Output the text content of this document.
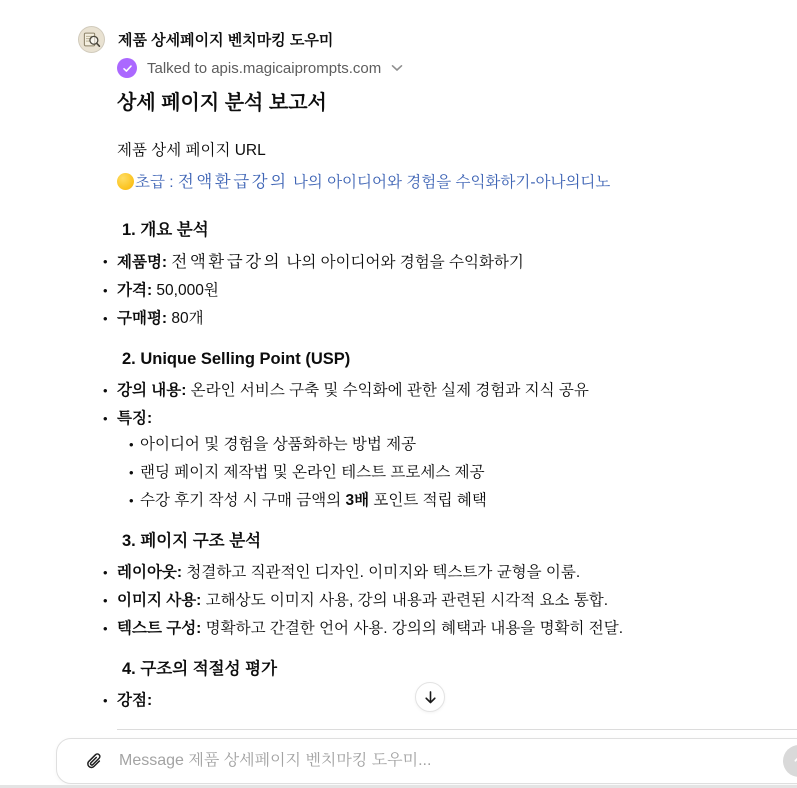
제품 상세페이지 벤치마킹 도우미
Talked to apis.magicaiprompts.com
상세 페이지 분석 보고서

제품 상세 페이지 URL

초급 : 전액환급강의 나의 아이디어와 경험을 수익화하기-아나의디노

1. 개요 분석
• 제품명: 전액환급강의 나의 아이디어와 경험을 수익화하기
• 가격: 50,000원
• 구매평: 80개
2. Unique Selling Point (USP)
• 강의 내용: 온라인 서비스 구축 및 수익화에 관한 실제 경험과 지식 공유
• 특징:
• 아이디어 및 경험을 상품화하는 방법 제공
• 랜딩 페이지 제작법 및 온라인 테스트 프로세스 제공
• 수강 후기 작성 시 구매 금액의 3배 포인트 적립 혜택
3. 페이지 구조 분석
• 레이아웃: 청결하고 직관적인 디자인. 이미지와 텍스트가 균형을 이룸.
• 이미지 사용: 고해상도 이미지 사용, 강의 내용과 관련된 시각적 요소 통합.
• 텍스트 구성: 명확하고 간결한 언어 사용. 강의의 혜택과 내용을 명확히 전달.
4. 구조의 적절성 평가
• 강점:
Message 제품 상세페이지 벤치마킹 도우미...
